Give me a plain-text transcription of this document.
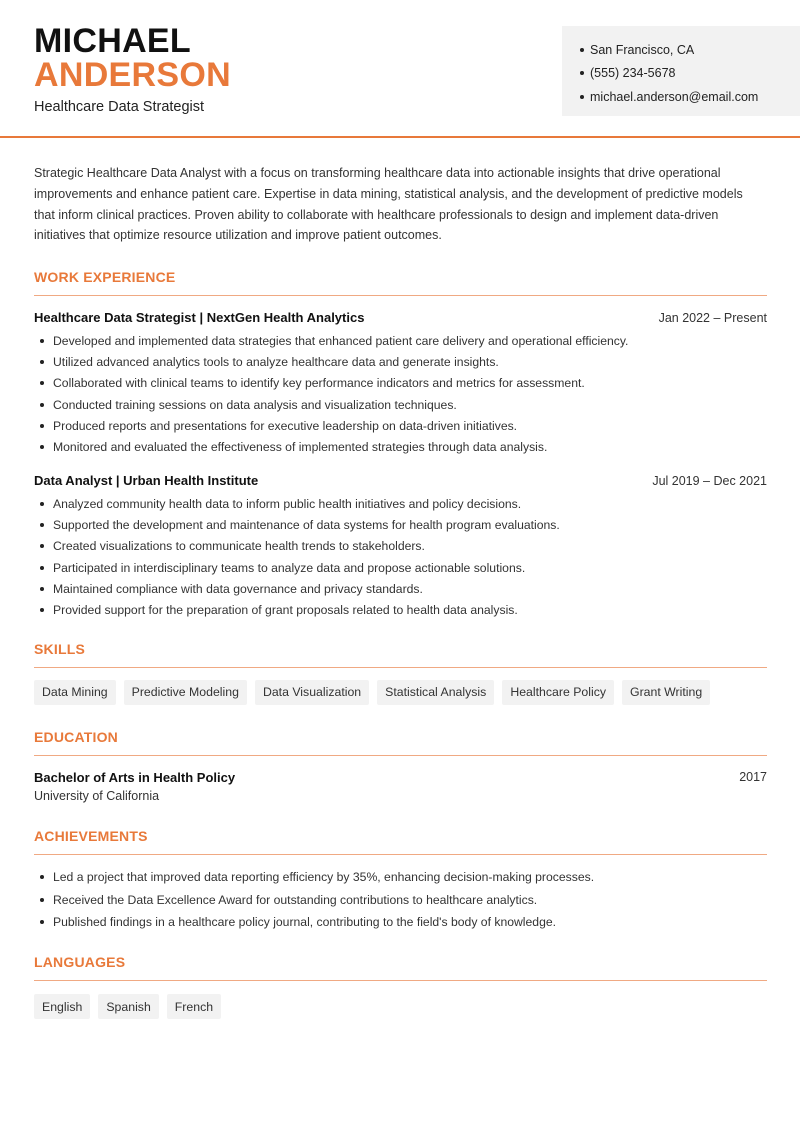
MICHAEL
ANDERSON
Healthcare Data Strategist
San Francisco, CA
(555) 234-5678
michael.anderson@email.com

Strategic Healthcare Data Analyst with a focus on transforming healthcare data into actionable insights that drive operational improvements and enhance patient care. Expertise in data mining, statistical analysis, and the development of predictive models that inform clinical practices. Proven ability to collaborate with healthcare professionals to design and implement data-driven initiatives that optimize resource utilization and improve patient outcomes.

WORK EXPERIENCE
Healthcare Data Strategist | NextGen Health Analytics	Jan 2022 – Present
Developed and implemented data strategies that enhanced patient care delivery and operational efficiency.
Utilized advanced analytics tools to analyze healthcare data and generate insights.
Collaborated with clinical teams to identify key performance indicators and metrics for assessment.
Conducted training sessions on data analysis and visualization techniques.
Produced reports and presentations for executive leadership on data-driven initiatives.
Monitored and evaluated the effectiveness of implemented strategies through data analysis.
Data Analyst | Urban Health Institute	Jul 2019 – Dec 2021
Analyzed community health data to inform public health initiatives and policy decisions.
Supported the development and maintenance of data systems for health program evaluations.
Created visualizations to communicate health trends to stakeholders.
Participated in interdisciplinary teams to analyze data and propose actionable solutions.
Maintained compliance with data governance and privacy standards.
Provided support for the preparation of grant proposals related to health data analysis.
SKILLS
Data Mining	Predictive Modeling	Data Visualization	Statistical Analysis	Healthcare Policy	Grant Writing
EDUCATION
Bachelor of Arts in Health Policy	2017
University of California
ACHIEVEMENTS
Led a project that improved data reporting efficiency by 35%, enhancing decision-making processes.
Received the Data Excellence Award for outstanding contributions to healthcare analytics.
Published findings in a healthcare policy journal, contributing to the field's body of knowledge.
LANGUAGES
English	Spanish	French
